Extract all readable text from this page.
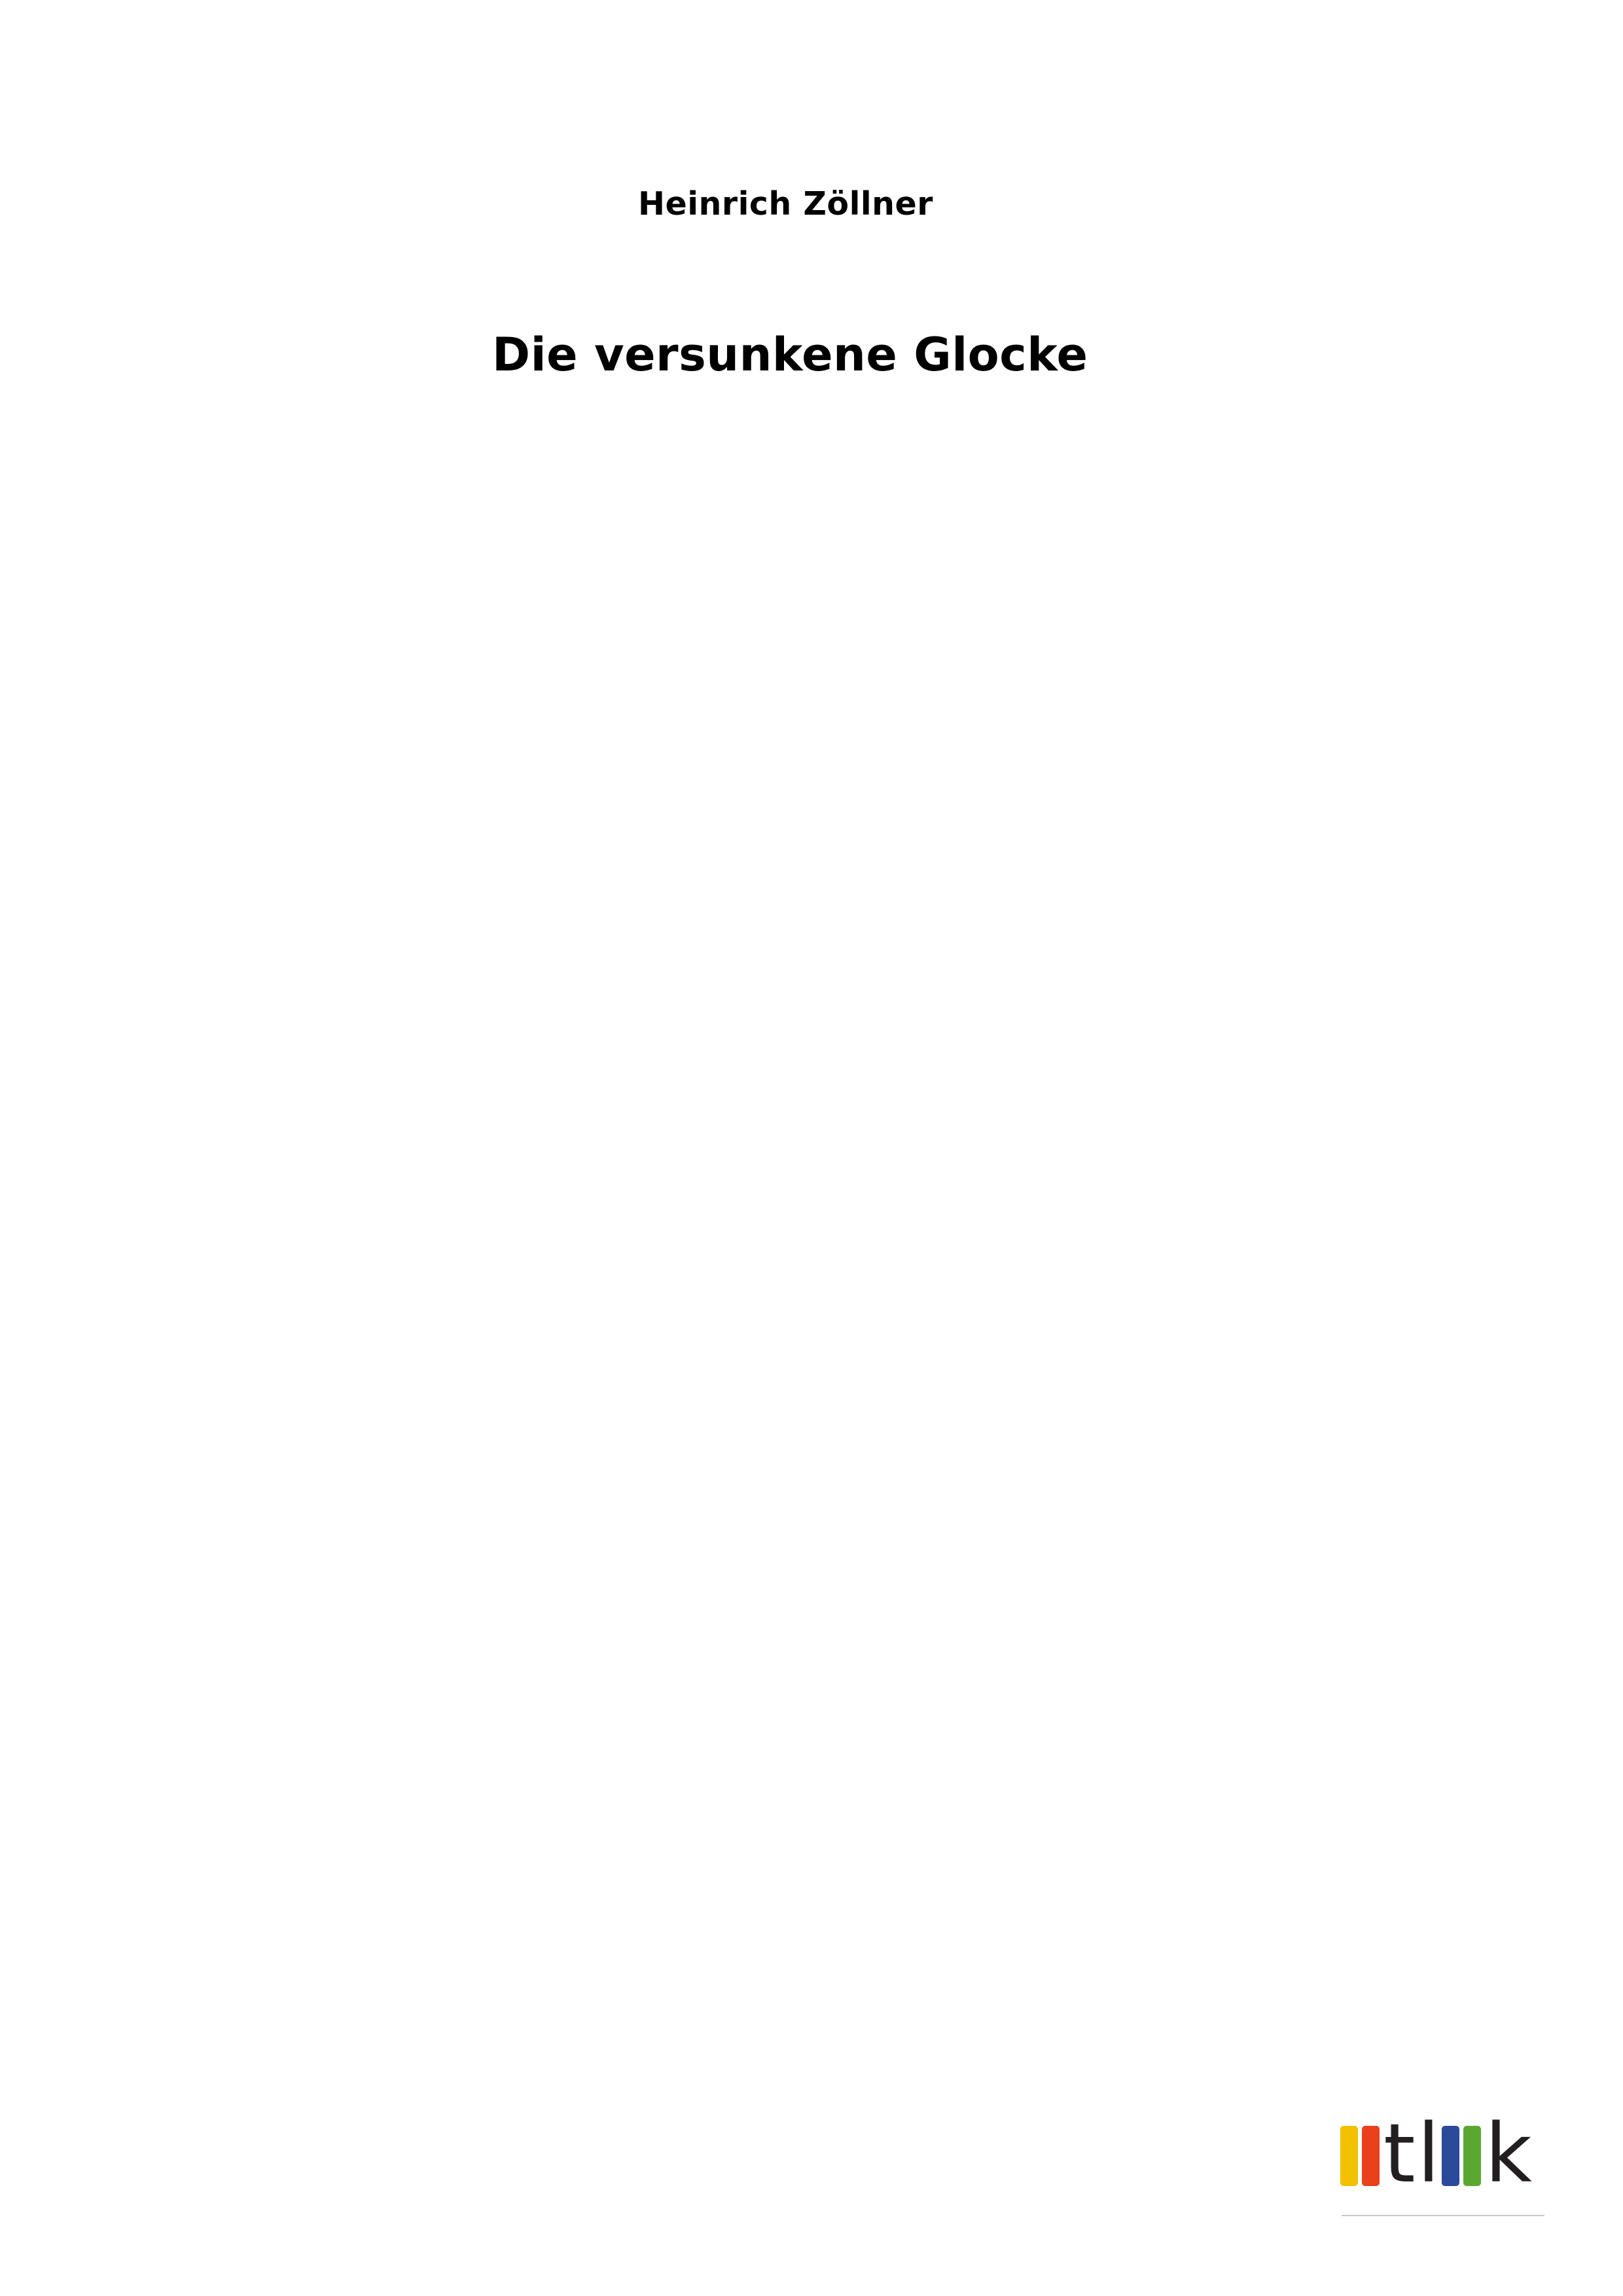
Heinrich Zöllner
Die versunkene Glocke
t l k
